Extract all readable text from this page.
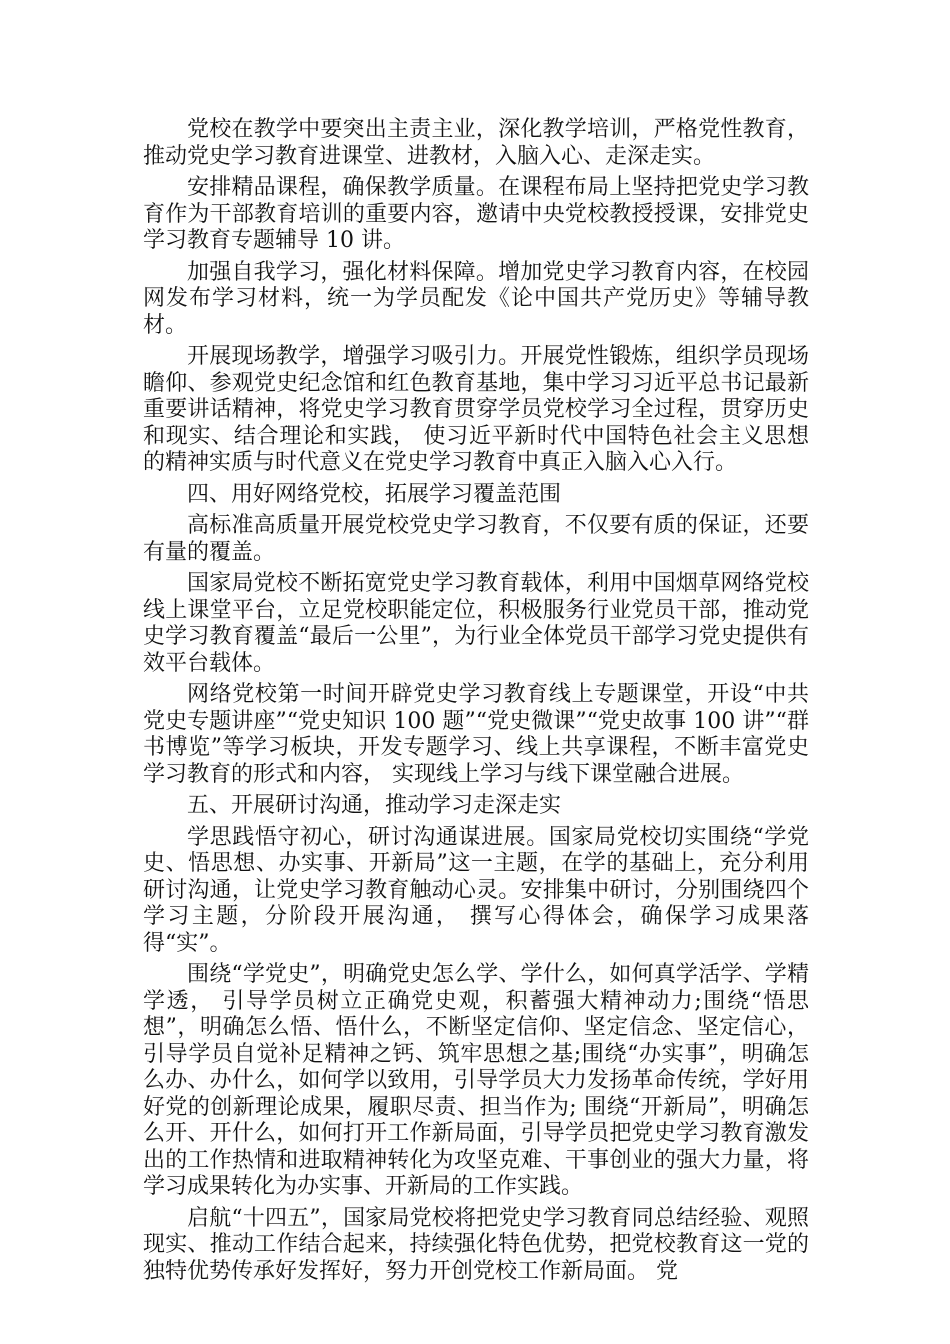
党校在教学中要突出主责主业，深化教学培训，严格党性教育，推动党史学习教育进课堂、进教材，入脑入心、走深走实。

安排精品课程，确保教学质量。在课程布局上坚持把党史学习教育作为干部教育培训的重要内容，邀请中央党校教授授课，安排党史学习教育专题辅导 10 讲。

加强自我学习，强化材料保障。增加党史学习教育内容，在校园网发布学习材料，统一为学员配发《论中国共产党历史》等辅导教材。

开展现场教学，增强学习吸引力。开展党性锻炼，组织学员现场瞻仰、参观党史纪念馆和红色教育基地，集中学习习近平总书记最新重要讲话精神，将党史学习教育贯穿学员党校学习全过程，贯穿历史和现实、结合理论和实践， 使习近平新时代中国特色社会主义思想的精神实质与时代意义在党史学习教育中真正入脑入心入行。

四、用好网络党校，拓展学习覆盖范围

高标准高质量开展党校党史学习教育，不仅要有质的保证，还要有量的覆盖。

国家局党校不断拓宽党史学习教育载体，利用中国烟草网络党校线上课堂平台，立足党校职能定位，积极服务行业党员干部，推动党史学习教育覆盖“最后一公里”，为行业全体党员干部学习党史提供有效平台载体。

网络党校第一时间开辟党史学习教育线上专题课堂，开设“中共党史专题讲座”“党史知识 100 题”“党史微课”“党史故事 100 讲”“群书博览”等学习板块，开发专题学习、线上共享课程，不断丰富党史学习教育的形式和内容， 实现线上学习与线下课堂融合进展。

五、开展研讨沟通，推动学习走深走实

学思践悟守初心，研讨沟通谋进展。国家局党校切实围绕“学党史、悟思想、办实事、开新局”这一主题，在学的基础上，充分利用研讨沟通，让党史学习教育触动心灵。安排集中研讨，分别围绕四个学习主题，分阶段开展沟通， 撰写心得体会，确保学习成果落得“实”。

围绕“学党史”，明确党史怎么学、学什么，如何真学活学、学精学透， 引导学员树立正确党史观，积蓄强大精神动力;围绕“悟思想”，明确怎么悟、悟什么，不断坚定信仰、坚定信念、坚定信心，引导学员自觉补足精神之钙、筑牢思想之基;围绕“办实事”，明确怎么办、办什么，如何学以致用，引导学员大力发扬革命传统，学好用好党的创新理论成果，履职尽责、担当作为; 围绕“开新局”，明确怎么开、开什么，如何打开工作新局面，引导学员把党史学习教育激发出的工作热情和进取精神转化为攻坚克难、干事创业的强大力量，将学习成果转化为办实事、开新局的工作实践。

启航“十四五”，国家局党校将把党史学习教育同总结经验、观照现实、推动工作结合起来，持续强化特色优势，把党校教育这一党的独特优势传承好发挥好，努力开创党校工作新局面。 党
